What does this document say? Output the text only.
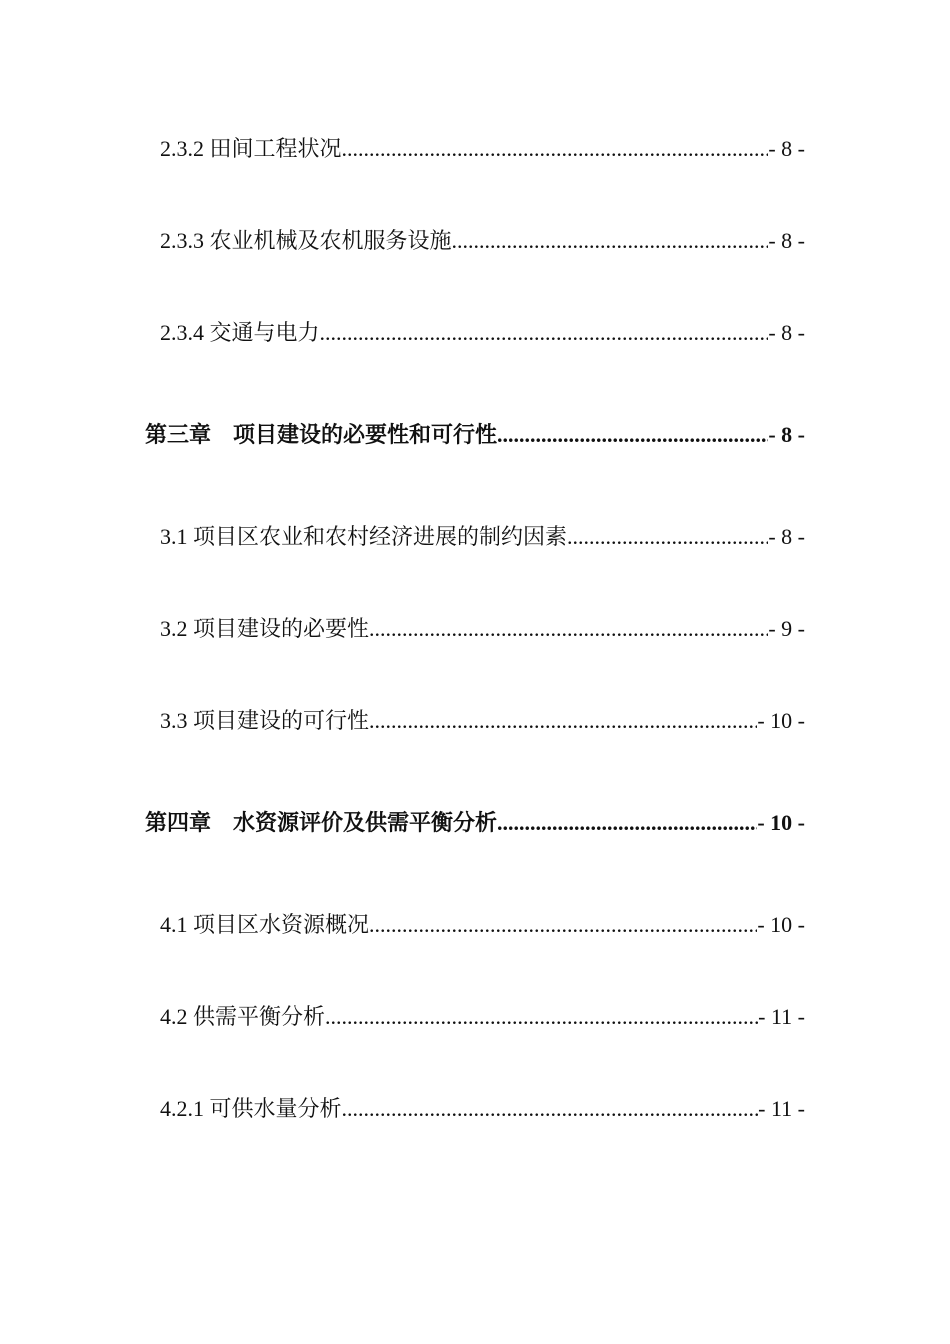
2.3.2 田间工程状况 .....	- 8 -
2.3.3 农业机械及农机服务设施 .....	- 8 -
2.3.4 交通与电力 .....	- 8 -
第三章 项目建设的必要性和可行性 .....	- 8 -
3.1 项目区农业和农村经济进展的制约因素 .....	- 8 -
3.2 项目建设的必要性 .....	- 9 -
3.3 项目建设的可行性 .....	- 10 -
第四章 水资源评价及供需平衡分析 .....	- 10 -
4.1 项目区水资源概况 .....	- 10 -
4.2 供需平衡分析 .....	- 11 -
4.2.1 可供水量分析 .....	- 11 -
